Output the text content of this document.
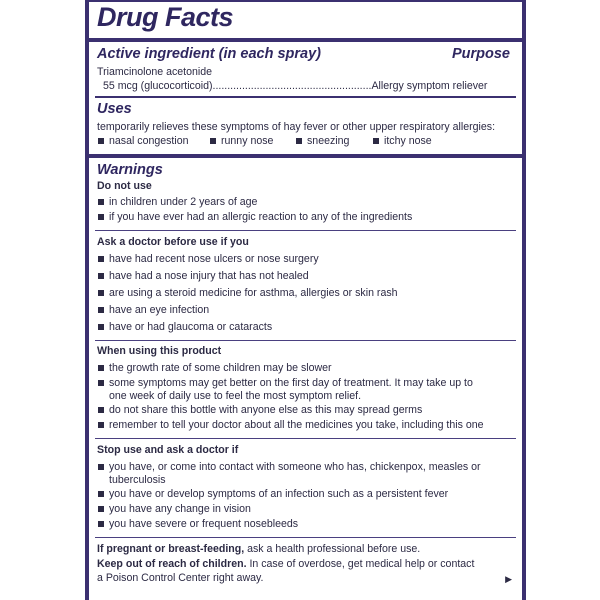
Drug Facts
Active ingredient (in each spray)	Purpose
Triamcinolone acetonide
55 mcg (glucocorticoid)......................................................Allergy symptom reliever
Uses
temporarily relieves these symptoms of hay fever or other upper respiratory allergies:
nasal congestion	runny nose	sneezing	itchy nose
Warnings
Do not use
in children under 2 years of age
if you have ever had an allergic reaction to any of the ingredients
Ask a doctor before use if you
have had recent nose ulcers or nose surgery
have had a nose injury that has not healed
are using a steroid medicine for asthma, allergies or skin rash
have an eye infection
have or had glaucoma or cataracts
When using this product
the growth rate of some children may be slower
some symptoms may get better on the first day of treatment. It may take up to
one week of daily use to feel the most symptom relief.
do not share this bottle with anyone else as this may spread germs
remember to tell your doctor about all the medicines you take, including this one
Stop use and ask a doctor if
you have, or come into contact with someone who has, chickenpox, measles or
tuberculosis
you have or develop symptoms of an infection such as a persistent fever
you have any change in vision
you have severe or frequent nosebleeds
If pregnant or breast-feeding, ask a health professional before use.
Keep out of reach of children. In case of overdose, get medical help or contact
a Poison Control Center right away.	▶
